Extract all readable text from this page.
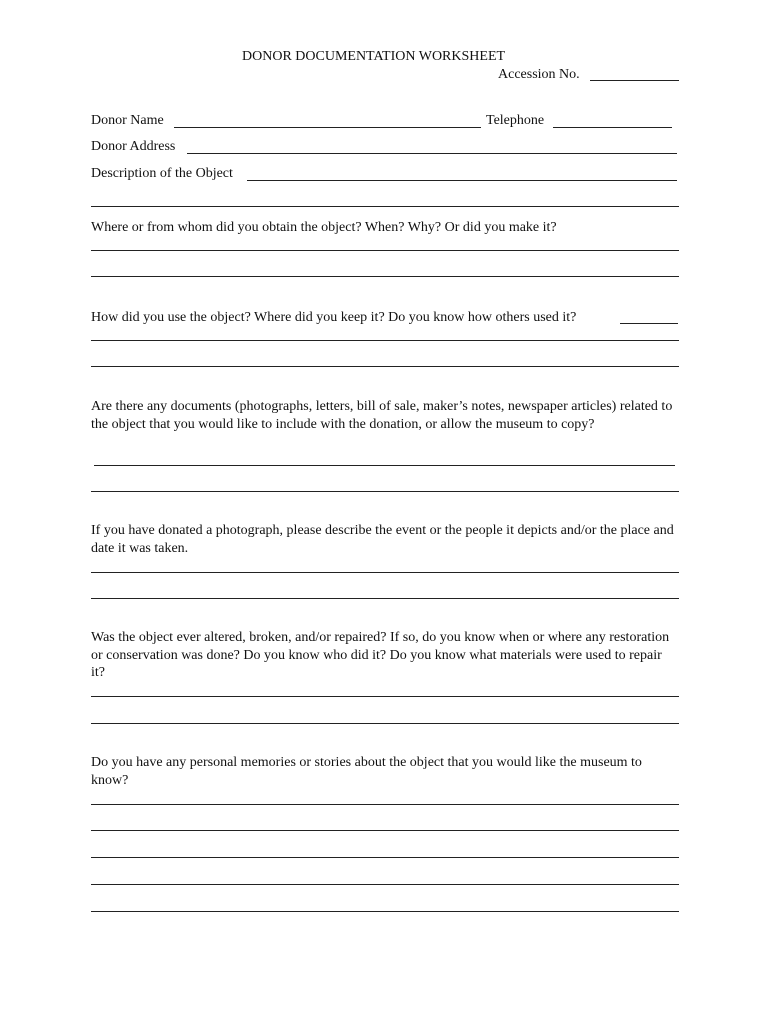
DONOR DOCUMENTATION WORKSHEET
Accession No.
Donor Name	Telephone
Donor Address
Description of the Object
Where or from whom did you obtain the object? When? Why? Or did you make it?
How did you use the object? Where did you keep it? Do you know how others used it?
Are there any documents (photographs, letters, bill of sale, maker’s notes, newspaper articles) related to the object that you would like to include with the donation, or allow the museum to copy?
If you have donated a photograph, please describe the event or the people it depicts and/or the place and date it was taken.
Was the object ever altered, broken, and/or repaired? If so, do you know when or where any restoration or conservation was done? Do you know who did it? Do you know what materials were used to repair it?
Do you have any personal memories or stories about the object that you would like the museum to know?
